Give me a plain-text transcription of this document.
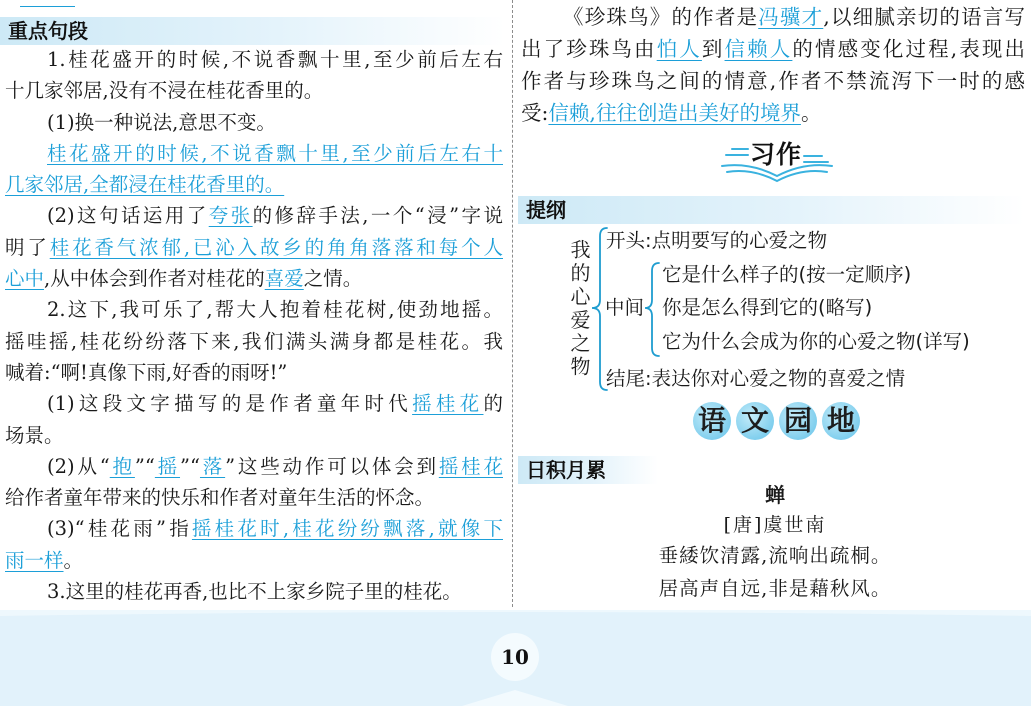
重点句段
1.桂花盛开的时候,不说香飘十里,至少前后左右
十几家邻居,没有不浸在桂花香里的。
(1)换一种说法,意思不变。
桂花盛开的时候,不说香飘十里,至少前后左右十
几家邻居,全都浸在桂花香里的。
(2)这句话运用了夸张的修辞手法,一个“浸”字说
明了桂花香气浓郁,已沁入故乡的角角落落和每个人
心中,从中体会到作者对桂花的喜爱之情。
2.这下,我可乐了,帮大人抱着桂花树,使劲地摇。
摇哇摇,桂花纷纷落下来,我们满头满身都是桂花。我
喊着:“啊!真像下雨,好香的雨呀!”
(1)这段文字描写的是作者童年时代摇桂花的
场景。
(2)从“抱”“摇”“落”这些动作可以体会到摇桂花
给作者童年带来的快乐和作者对童年生活的怀念。
(3)“桂花雨”指摇桂花时,桂花纷纷飘落,就像下
雨一样。
3.这里的桂花再香,也比不上家乡院子里的桂花。
《珍珠鸟》的作者是冯骥才,以细腻亲切的语言写
出了珍珠鸟由怕人到信赖人的情感变化过程,表现出
作者与珍珠鸟之间的情意,作者不禁流泻下一时的感
受:信赖,往往创造出美好的境界。
习作
提纲
我的心爱之物 开头:点明要写的心爱之物
中间
它是什么样子的(按一定顺序)
你是怎么得到它的(略写)
它为什么会成为你的心爱之物(详写)
结尾:表达你对心爱之物的喜爱之情
语 文 园 地
日积月累
蝉
[唐]虞世南
垂緌饮清露,流响出疏桐。
居高声自远,非是藉秋风。
10
